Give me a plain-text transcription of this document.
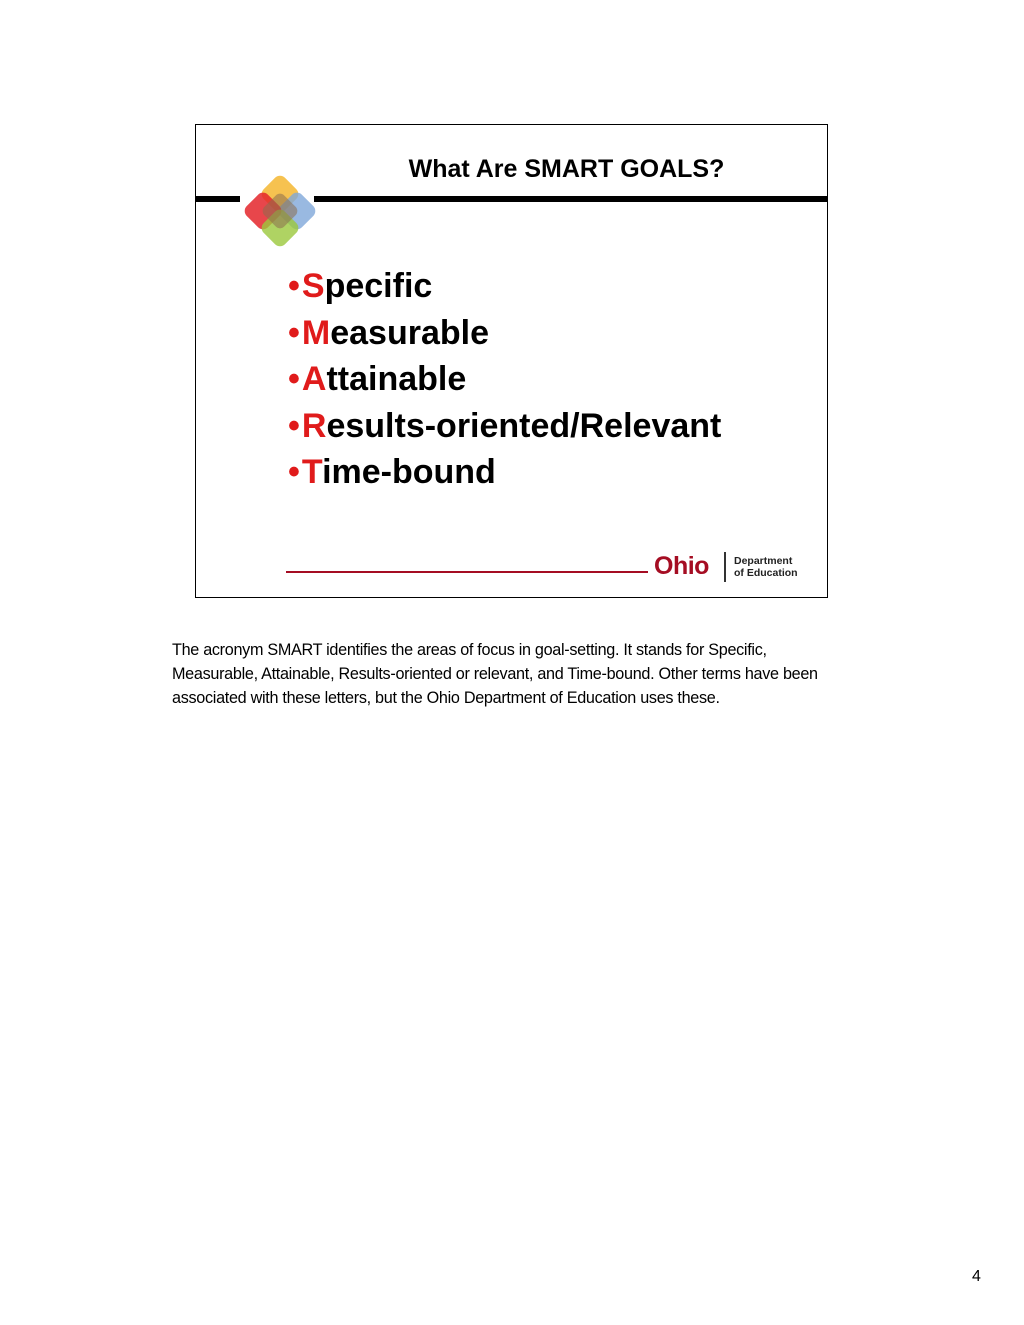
What Are SMART GOALS?
•Specific
•Measurable
•Attainable
•Results-oriented/Relevant
•Time-bound
Ohio Department
of Education
The acronym SMART identifies the areas of focus in goal-setting. It stands for Specific, Measurable, Attainable, Results-oriented or relevant, and Time-bound. Other terms have been associated with these letters, but the Ohio Department of Education uses these.
4
